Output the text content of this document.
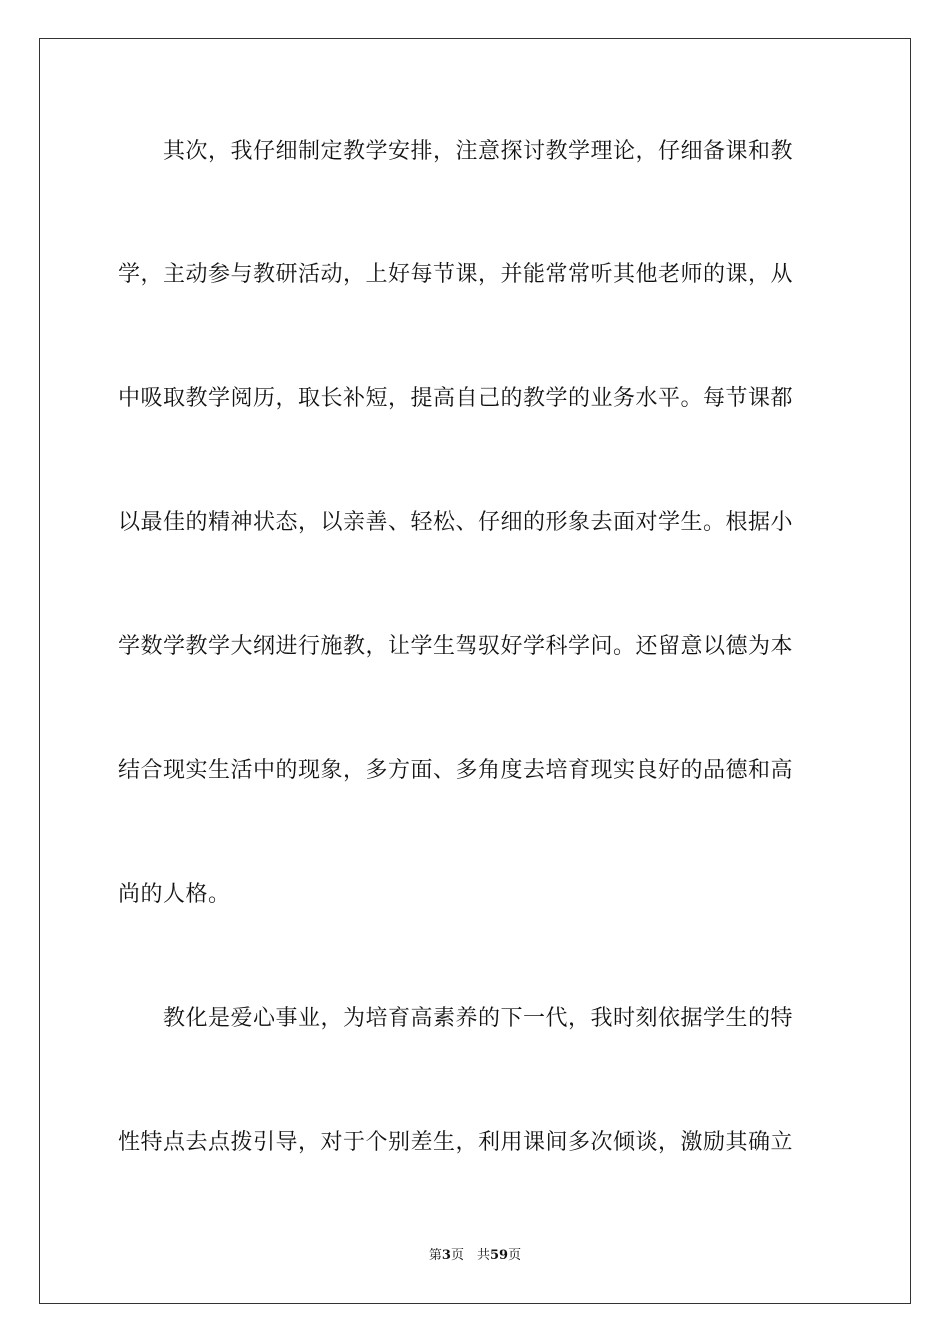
　　其次，我仔细制定教学安排，注意探讨教学理论，仔细备课和教
学，主动参与教研活动，上好每节课，并能常常听其他老师的课，从
中吸取教学阅历，取长补短，提高自己的教学的业务水平。每节课都
以最佳的精神状态，以亲善、轻松、仔细的形象去面对学生。根据小
学数学教学大纲进行施教，让学生驾驭好学科学问。还留意以德为本
结合现实生活中的现象，多方面、多角度去培育现实良好的品德和高
尚的人格。
　　教化是爱心事业，为培育高素养的下一代，我时刻依据学生的特
性特点去点拨引导，对于个别差生，利用课间多次倾谈，激励其确立
第3页　共59页
